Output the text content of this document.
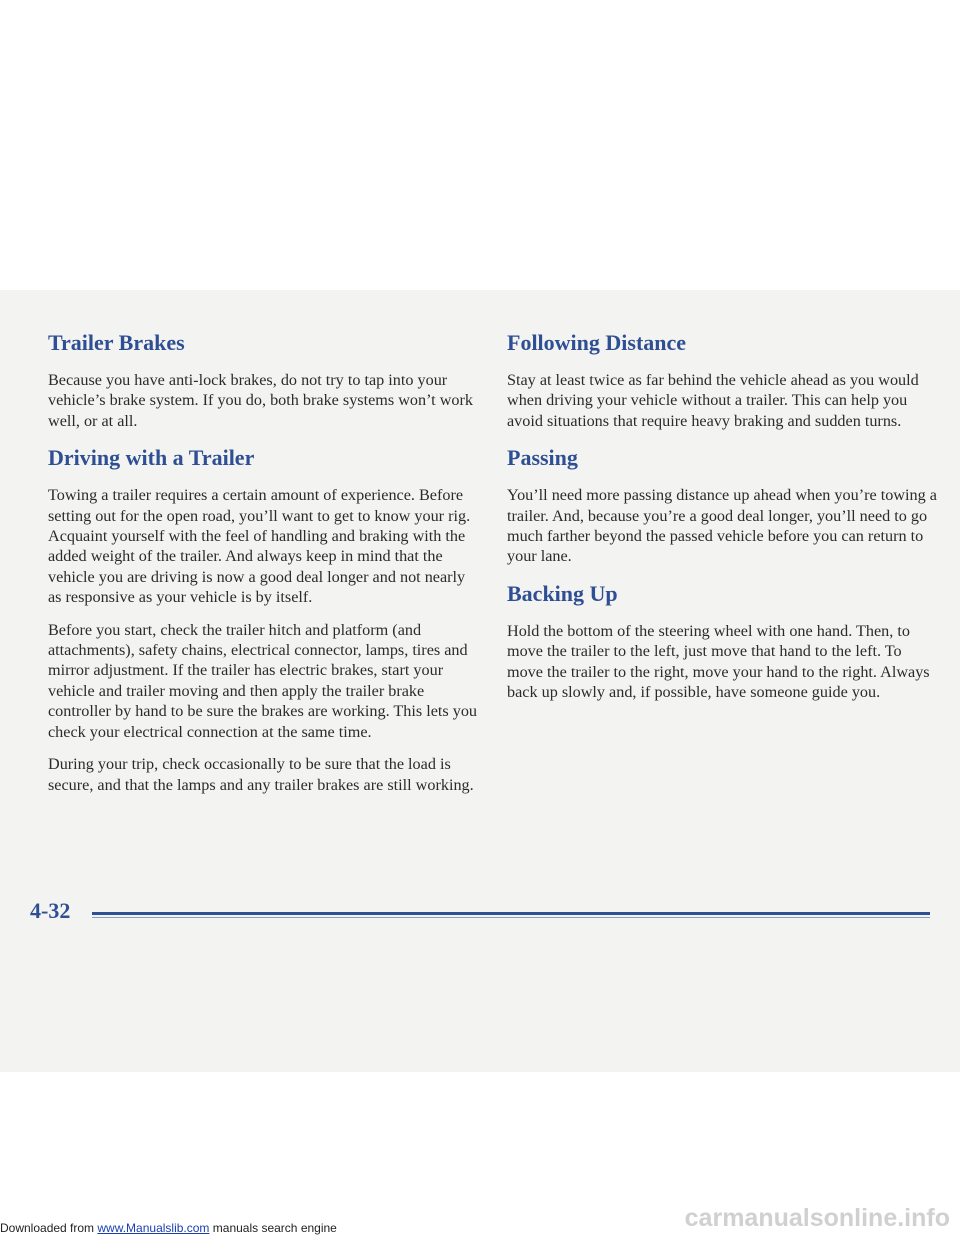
Trailer Brakes

Because you have anti-lock brakes, do not try to tap into your vehicle’s brake system. If you do, both brake systems won’t work well, or at all.

Driving with a Trailer

Towing a trailer requires a certain amount of experience. Before setting out for the open road, you’ll want to get to know your rig. Acquaint yourself with the feel of handling and braking with the added weight of the trailer. And always keep in mind that the vehicle you are driving is now a good deal longer and not nearly as responsive as your vehicle is by itself.

Before you start, check the trailer hitch and platform (and attachments), safety chains, electrical connector, lamps, tires and mirror adjustment. If the trailer has electric brakes, start your vehicle and trailer moving and then apply the trailer brake controller by hand to be sure the brakes are working. This lets you check your electrical connection at the same time.

During your trip, check occasionally to be sure that the load is secure, and that the lamps and any trailer brakes are still working.

Following Distance

Stay at least twice as far behind the vehicle ahead as you would when driving your vehicle without a trailer. This can help you avoid situations that require heavy braking and sudden turns.

Passing

You’ll need more passing distance up ahead when you’re towing a trailer. And, because you’re a good deal longer, you’ll need to go much farther beyond the passed vehicle before you can return to your lane.

Backing Up

Hold the bottom of the steering wheel with one hand. Then, to move the trailer to the left, just move that hand to the left. To move the trailer to the right, move your hand to the right. Always back up slowly and, if possible, have someone guide you.

4-32
Downloaded from www.Manualslib.com manuals search engine	carmanualsonline.info
